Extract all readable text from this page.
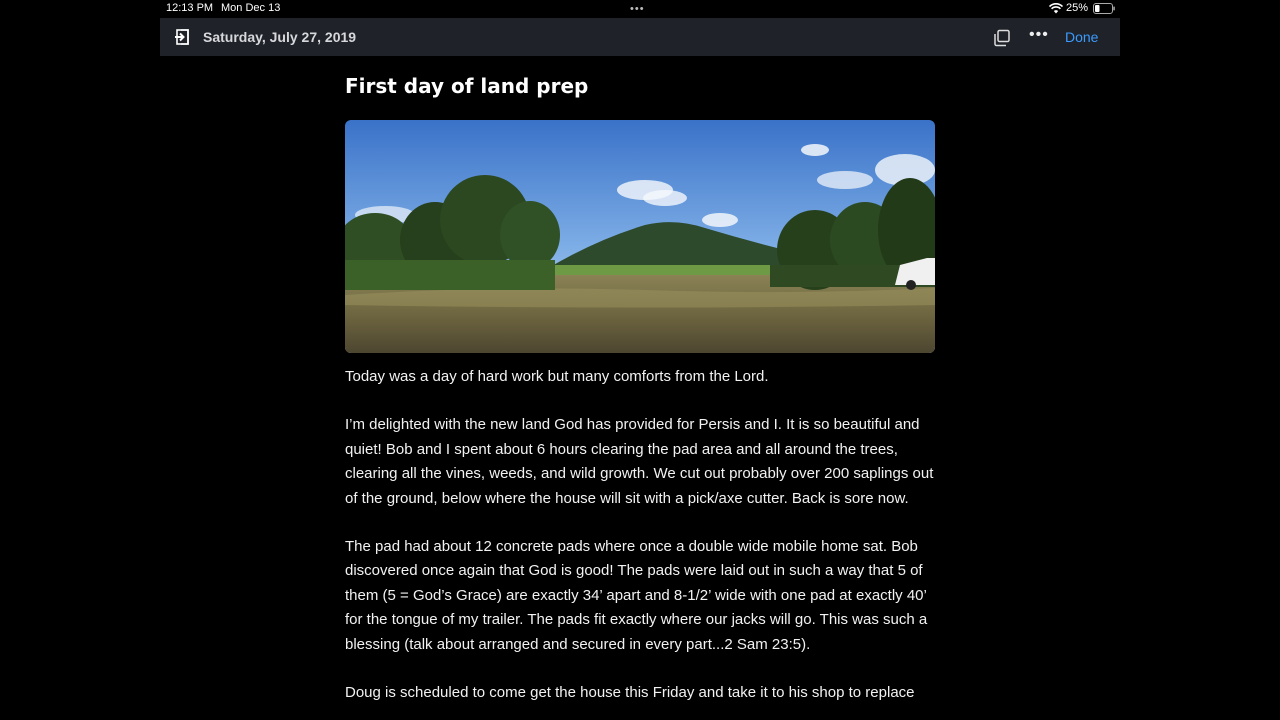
12:13 PM Mon Dec 13	•••	25%
Saturday, July 27, 2019	••• Done
First day of land prep

Today was a day of hard work but many comforts from the Lord.

I’m delighted with the new land God has provided for Persis and I. It is so beautiful and quiet! Bob and I spent about 6 hours clearing the pad area and all around the trees, clearing all the vines, weeds, and wild growth. We cut out probably over 200 saplings out of the ground, below where the house will sit with a pick/axe cutter. Back is sore now.

The pad had about 12 concrete pads where once a double wide mobile home sat. Bob discovered once again that God is good! The pads were laid out in such a way that 5 of them (5 = God’s Grace) are exactly 34’ apart and 8-1/2’ wide with one pad at exactly 40’ for the tongue of my trailer. The pads fit exactly where our jacks will go. This was such a blessing (talk about arranged and secured in every part...2 Sam 23:5).

Doug is scheduled to come get the house this Friday and take it to his shop to replace
